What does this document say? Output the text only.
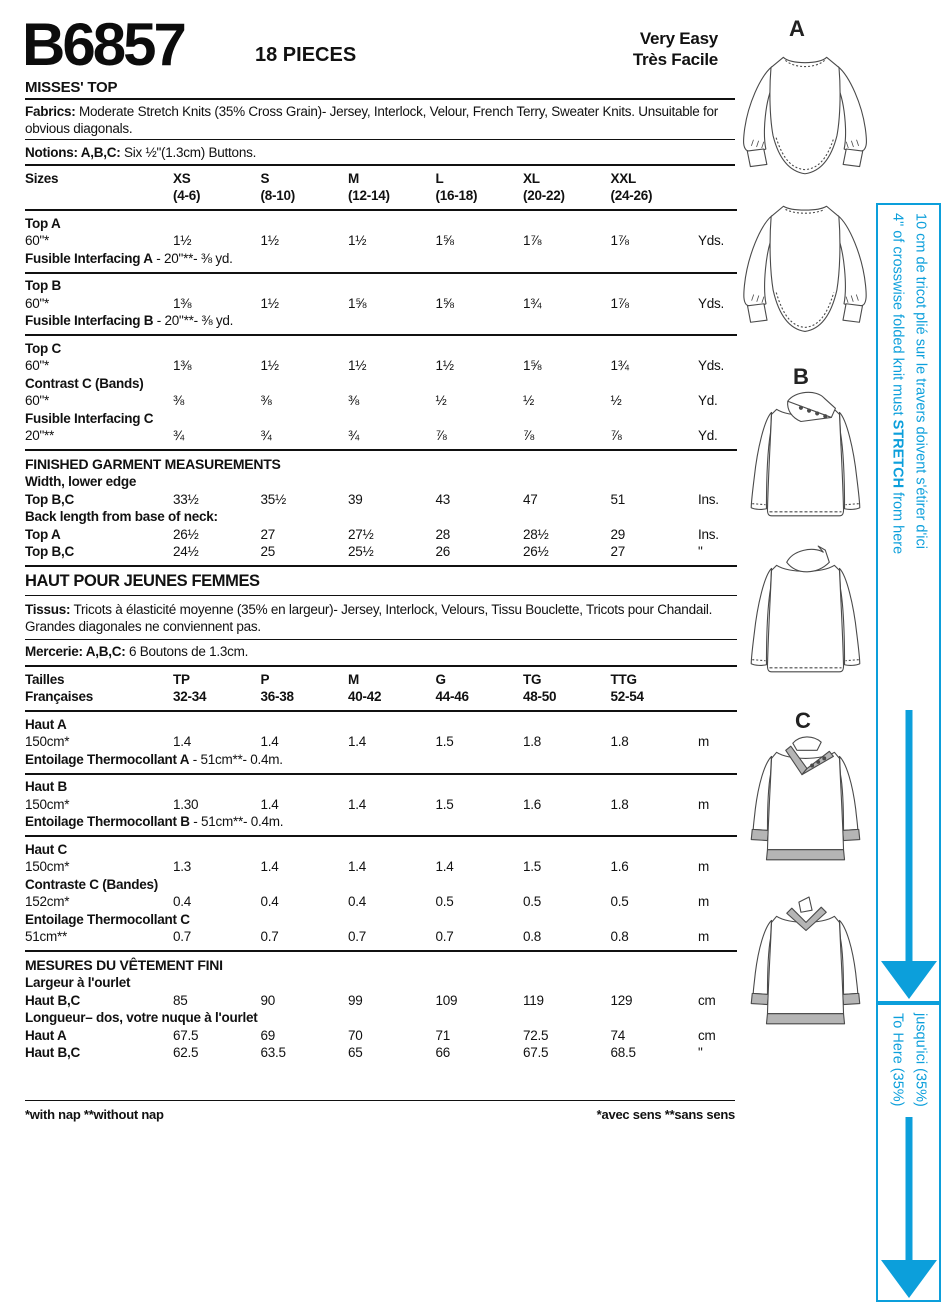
B6857	18 PIECES
Very Easy
Très Facile
MISSES' TOP

Fabrics: Moderate Stretch Knits (35% Cross Grain)- Jersey, Interlock, Velour, French Terry, Sweater Knits. Unsuitable for obvious diagonals.

Notions: A,B,C: Six ½"(1.3cm) Buttons.

Sizes	XS	S	M	L	XL	XXL
(4-6)	(8-10)	(12-14)	(16-18)	(20-22)	(24-26)
Top A
60"*	1½	1½	1½	1⅝	1⅞	1⅞	Yds.
Fusible Interfacing A - 20"**- ⅜ yd.
Top B
60"*	1⅜	1½	1⅝	1⅝	1¾	1⅞	Yds.
Fusible Interfacing B - 20"**- ⅜ yd.
Top C
60"*	1⅜	1½	1½	1½	1⅝	1¾	Yds.
Contrast C (Bands)
60"*	⅜	⅜	⅜	½	½	½	Yd.
Fusible Interfacing C
20"**	¾	¾	¾	⅞	⅞	⅞	Yd.
FINISHED GARMENT MEASUREMENTS
Width, lower edge
Top B,C	33½	35½	39	43	47	51	Ins.
Back length from base of neck:
Top A	26½	27	27½	28	28½	29	Ins.
Top B,C	24½	25	25½	26	26½	27	"
HAUT POUR JEUNES FEMMES
Tissus: Tricots à élasticité moyenne (35% en largeur)- Jersey, Interlock, Velours, Tissu Bouclette, Tricots pour Chandail. Grandes diagonales ne conviennent pas.
Mercerie: A,B,C: 6 Boutons de 1.3cm.
Tailles	TP	P	M	G	TG	TTG
Françaises	32-34	36-38	40-42	44-46	48-50	52-54
Haut A
150cm*	1.4	1.4	1.4	1.5	1.8	1.8	m
Entoilage Thermocollant A - 51cm**- 0.4m.
Haut B
150cm*	1.30	1.4	1.4	1.5	1.6	1.8	m
Entoilage Thermocollant B - 51cm**- 0.4m.
Haut C
150cm*	1.3	1.4	1.4	1.4	1.5	1.6	m
Contraste C (Bandes)
152cm*	0.4	0.4	0.4	0.5	0.5	0.5	m
Entoilage Thermocollant C
51cm**	0.7	0.7	0.7	0.7	0.8	0.8	m
MESURES DU VÊTEMENT FINI
Largeur à l'ourlet
Haut B,C	85	90	99	109	119	129	cm
Longueur– dos, votre nuque à l'ourlet
Haut A	67.5	69	70	71	72.5	74	cm
Haut B,C	62.5	63.5	65	66	67.5	68.5	"
*with nap **without nap	*avec sens **sans sens
A
B
C
4" of crosswise folded knit must STRETCH from here 10 cm de tricot plié sur le travers doivent s'étirer d'ici
To Here (35%) jusqu'ici (35%)
